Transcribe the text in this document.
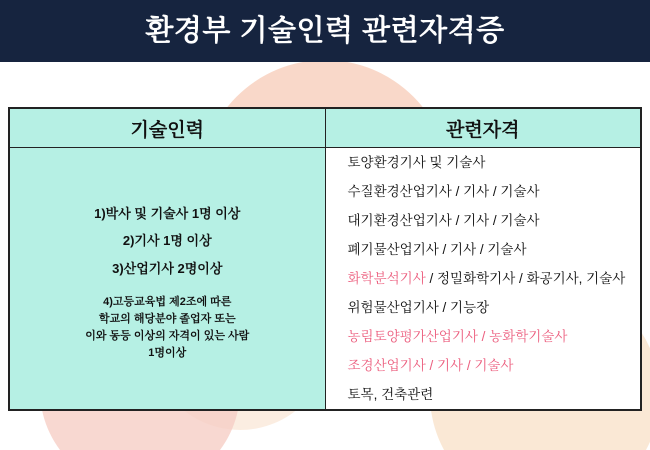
환경부 기술인력 관련자격증
기술인력	관련자격

1)박사 및 기술사 1명 이상
2)기사 1명 이상
3)산업기사 2명이상
4)고등교육법 제2조에 따른
학교의 해당분야 졸업자 또는
이와 동등 이상의 자격이 있는 사람
1명이상

토양환경기사 및 기술사
수질환경산업기사 / 기사 / 기술사
대기환경산업기사 / 기사 / 기술사
폐기물산업기사 / 기사 / 기술사
화학분석기사 / 정밀화학기사 / 화공기사, 기술사
위험물산업기사 / 기능장
농림토양평가산업기사 / 농화학기술사
조경산업기사 / 기사 / 기술사
토목, 건축관련
